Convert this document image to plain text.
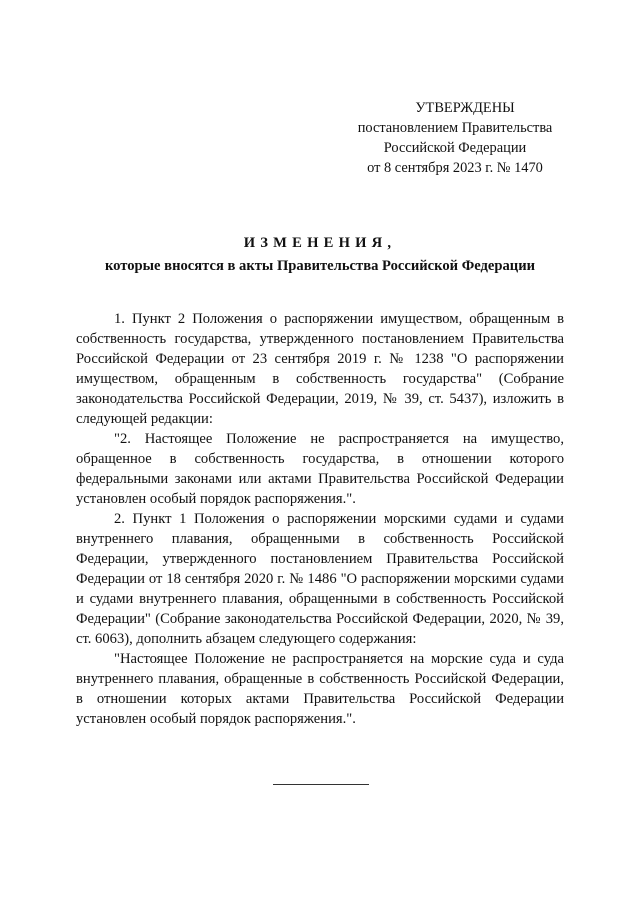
УТВЕРЖДЕНЫ
постановлением Правительства
Российской Федерации
от 8 сентября 2023 г. № 1470
ИЗМЕНЕНИЯ,
которые вносятся в акты Правительства Российской Федерации

1. Пункт 2 Положения о распоряжении имуществом, обращенным в собственность государства, утвержденного постановлением Правительства Российской Федерации от 23 сентября 2019 г. № 1238 "О распоряжении имуществом, обращенным в собственность государства" (Собрание законодательства Российской Федерации, 2019, № 39, ст. 5437), изложить в следующей редакции:

"2. Настоящее Положение не распространяется на имущество, обращенное в собственность государства, в отношении которого федеральными законами или актами Правительства Российской Федерации установлен особый порядок распоряжения.".

2. Пункт 1 Положения о распоряжении морскими судами и судами внутреннего плавания, обращенными в собственность Российской Федерации, утвержденного постановлением Правительства Российской Федерации от 18 сентября 2020 г. № 1486 "О распоряжении морскими судами и судами внутреннего плавания, обращенными в собственность Российской Федерации" (Собрание законодательства Российской Федерации, 2020, № 39, ст. 6063), дополнить абзацем следующего содержания:

"Настоящее Положение не распространяется на морские суда и суда внутреннего плавания, обращенные в собственность Российской Федерации, в отношении которых актами Правительства Российской Федерации установлен особый порядок распоряжения.".
